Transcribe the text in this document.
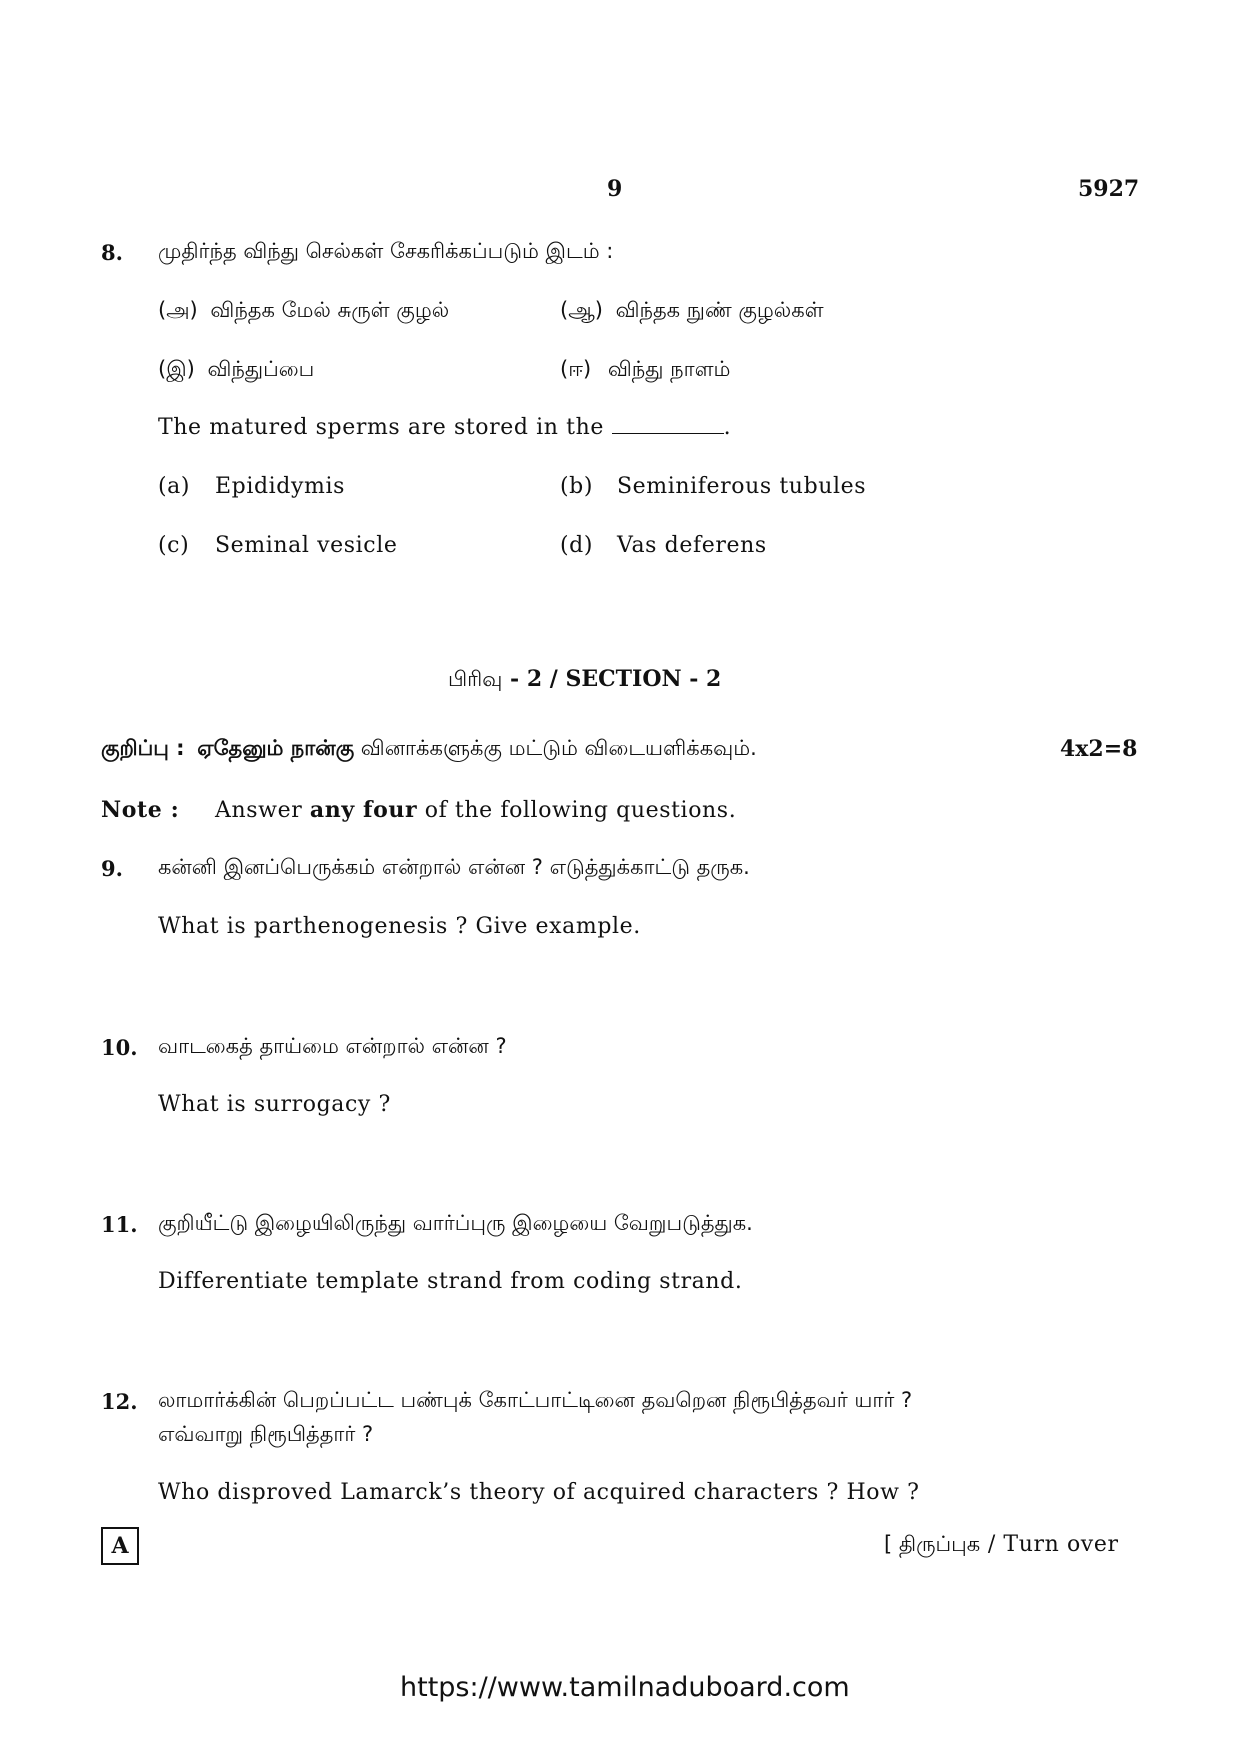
9	5927
8. முதிர்ந்த விந்து செல்கள் சேகரிக்கப்படும் இடம் :
(அ) விந்தக மேல் சுருள் குழல்	(ஆ) விந்தக நுண் குழல்கள்
(இ) விந்துப்பை	(ஈ) விந்து நாளம்
The matured sperms are stored in the	.
(a) Epididymis	(b) Seminiferous tubules
(c) Seminal vesicle	(d) Vas deferens
பிரிவு - 2 / SECTION - 2
குறிப்பு : ஏதேனும் நான்கு வினாக்களுக்கு மட்டும் விடையளிக்கவும்.	4x2=8
Note : Answer any four of the following questions.
9. கன்னி இனப்பெருக்கம் என்றால் என்ன ? எடுத்துக்காட்டு தருக.
What is parthenogenesis ? Give example.
10. வாடகைத் தாய்மை என்றால் என்ன ?
What is surrogacy ?
11. குறியீட்டு இழையிலிருந்து வார்ப்புரு இழையை வேறுபடுத்துக.
Differentiate template strand from coding strand.
12. லாமார்க்கின் பெறப்பட்ட பண்புக் கோட்பாட்டினை தவறென நிரூபித்தவர் யார் ?
எவ்வாறு நிரூபித்தார் ?
Who disproved Lamarck’s theory of acquired characters ? How ?
A	[ திருப்புக / Turn over
https://www.tamilnaduboard.com
